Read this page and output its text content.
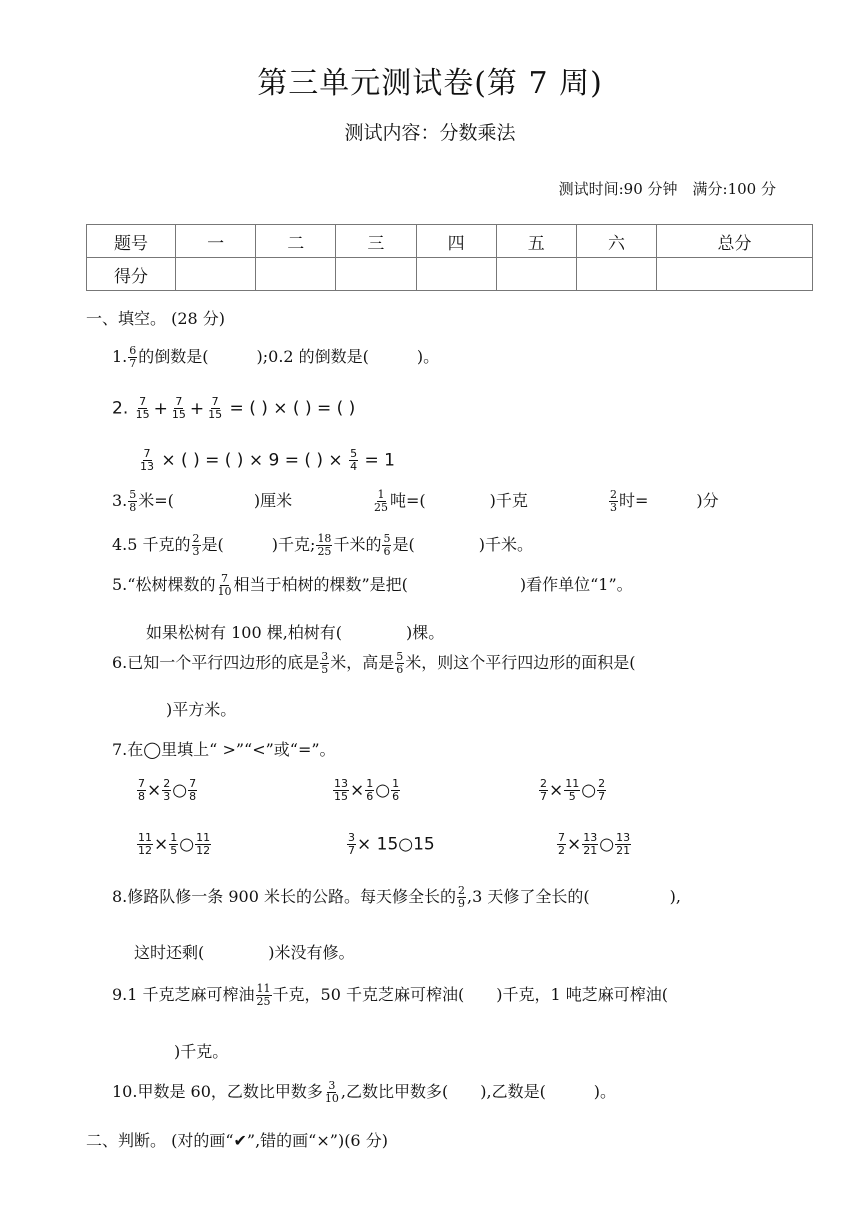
第三单元测试卷(第 7 周)
测试内容：分数乘法
测试时间:90 分钟　满分:100 分
题号	一	二	三	四	五	六	总分
得分							
一、填空。 (28 分)
1. $\frac{6}{7}$ 的倒数是(　　　);0.2 的倒数是(　　　)。
2. $\frac{7}{15} + \frac{7}{15} + \frac{7}{15}$ = ( ) × ( ) = ( )
$\frac{7}{13}$ × ( ) = ( ) × 9 = ( ) × $\frac{5}{4} = 1$
3. $\frac{5}{8}$ 米=(　　　　　)厘米	$\frac{1}{25}$ 吨=(　　　　)千克	$\frac{2}{3}$ 时=　　　)分
4.5 千克的 $\frac{2}{3}$ 是(　　　)千克; $\frac{18}{25}$ 千米的 $\frac{5}{6}$ 是(　　　　)千米。
5.“松树棵数的 $\frac{7}{10}$ 相当于柏树的棵数”是把(　　　　　　　)看作单位“1”。
如果松树有 100 棵,柏树有(　　　　)棵。
6.已知一个平行四边形的底是 $\frac{3}{5}$ 米，高是 $\frac{5}{6}$ 米，则这个平行四边形的面积是(
)平方米。
7.在◯里填上“ >”“<”或“=”。
$\frac{7}{8} \times \frac{2}{3}$ ○ $\frac{7}{8}$	$\frac{13}{15} \times \frac{1}{6}$ ○ $\frac{1}{6}$	$\frac{2}{7} \times \frac{11}{5}$ ○ $\frac{2}{7}$
$\frac{11}{12} \times \frac{1}{5}$ ○ $\frac{11}{12}$	$\frac{3}{7}$ × 15○15	$\frac{7}{2} \times \frac{13}{21}$ ○ $\frac{13}{21}$
8.修路队修一条 900 米长的公路。每天修全长的 $\frac{2}{9} ,3$ 天修了全长的(　　　　　),
这时还剩(　　　　)米没有修。
9.1 千克芝麻可榨油 $\frac{11}{25}$ 千克，50 千克芝麻可榨油(　　)千克，1 吨芝麻可榨油(
)千克。
10.甲数是 60，乙数比甲数多 $\frac{3}{10}$ ,乙数比甲数多(　　),乙数是(　　　)。
二、判断。 (对的画“✔”,错的画“×”)(6 分)
